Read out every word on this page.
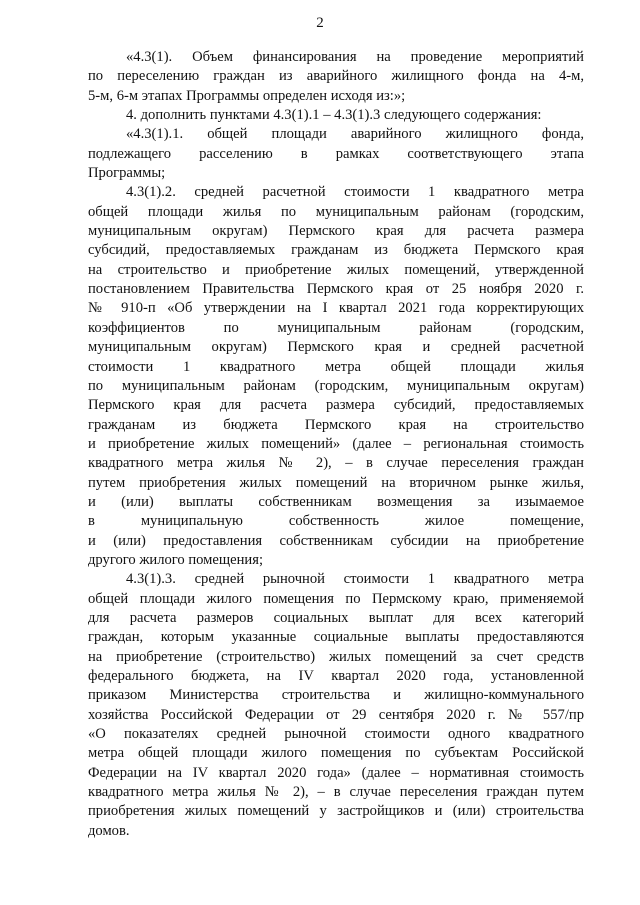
2
«4.3(1). Объем финансирования на проведение мероприятий
по переселению граждан из аварийного жилищного фонда на 4-м,
5-м, 6-м этапах Программы определен исходя из:»;
4. дополнить пунктами 4.3(1).1 – 4.3(1).3 следующего содержания:
«4.3(1).1. общей площади аварийного жилищного фонда,
подлежащего расселению в рамках соответствующего этапа
Программы;
4.3(1).2. средней расчетной стоимости 1 квадратного метра
общей площади жилья по муниципальным районам (городским,
муниципальным округам) Пермского края для расчета размера
субсидий, предоставляемых гражданам из бюджета Пермского края
на строительство и приобретение жилых помещений, утвержденной
постановлением Правительства Пермского края от 25 ноября 2020 г.
№ 910-п «Об утверждении на I квартал 2021 года корректирующих
коэффициентов по муниципальным районам (городским,
муниципальным округам) Пермского края и средней расчетной
стоимости 1 квадратного метра общей площади жилья
по муниципальным районам (городским, муниципальным округам)
Пермского края для расчета размера субсидий, предоставляемых
гражданам из бюджета Пермского края на строительство
и приобретение жилых помещений» (далее – региональная стоимость
квадратного метра жилья № 2), – в случае переселения граждан
путем приобретения жилых помещений на вторичном рынке жилья,
и (или) выплаты собственникам возмещения за изымаемое
в муниципальную собственность жилое помещение,
и (или) предоставления собственникам субсидии на приобретение
другого жилого помещения;
4.3(1).3. средней рыночной стоимости 1 квадратного метра
общей площади жилого помещения по Пермскому краю, применяемой
для расчета размеров социальных выплат для всех категорий
граждан, которым указанные социальные выплаты предоставляются
на приобретение (строительство) жилых помещений за счет средств
федерального бюджета, на IV квартал 2020 года, установленной
приказом Министерства строительства и жилищно-коммунального
хозяйства Российской Федерации от 29 сентября 2020 г. № 557/пр
«О показателях средней рыночной стоимости одного квадратного
метра общей площади жилого помещения по субъектам Российской
Федерации на IV квартал 2020 года» (далее – нормативная стоимость
квадратного метра жилья № 2), – в случае переселения граждан путем
приобретения жилых помещений у застройщиков и (или) строительства
домов.
